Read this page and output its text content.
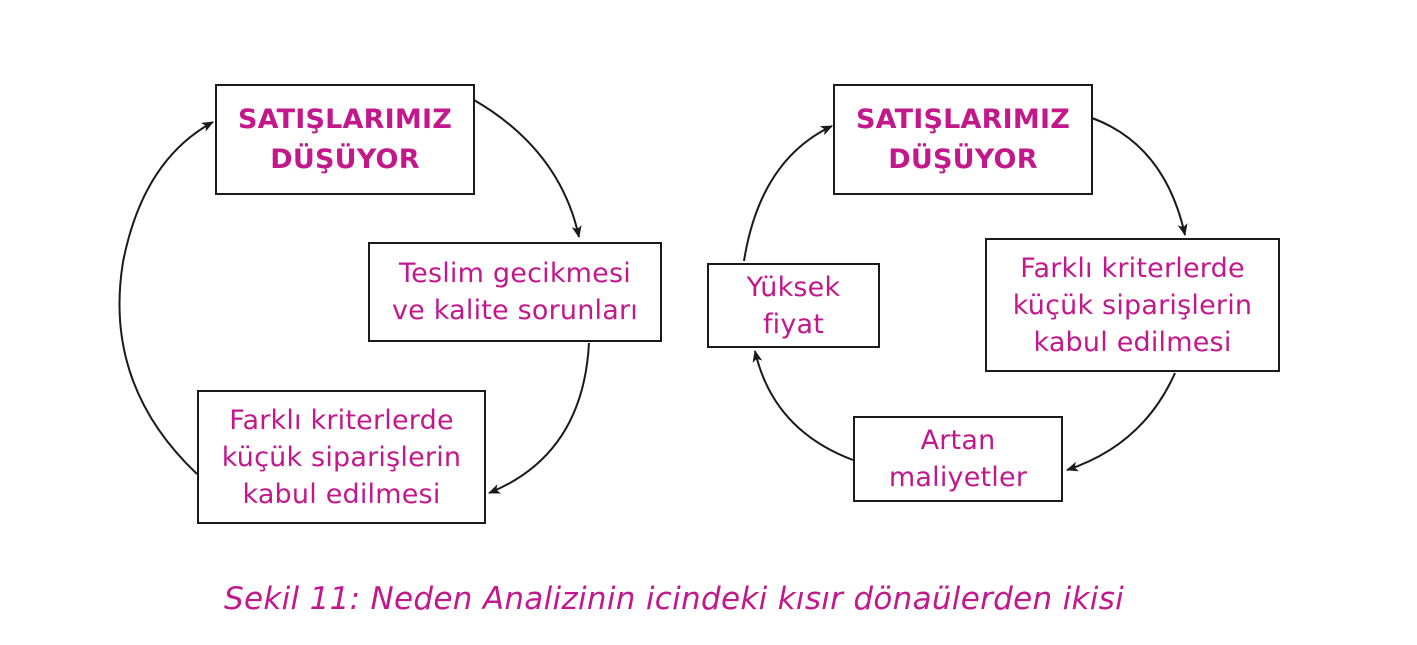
SATIŞLARIMIZ
DÜŞÜYOR
Teslim gecikmesi
ve kalite sorunları
Farklı kriterlerde
küçük siparişlerin
kabul edilmesi
SATIŞLARIMIZ
DÜŞÜYOR
Farklı kriterlerde
küçük siparişlerin
kabul edilmesi
Artan
maliyetler
Yüksek
fiyat
Sekil 11: Neden Analizinin icindeki kısır dönaülerden ikisi
